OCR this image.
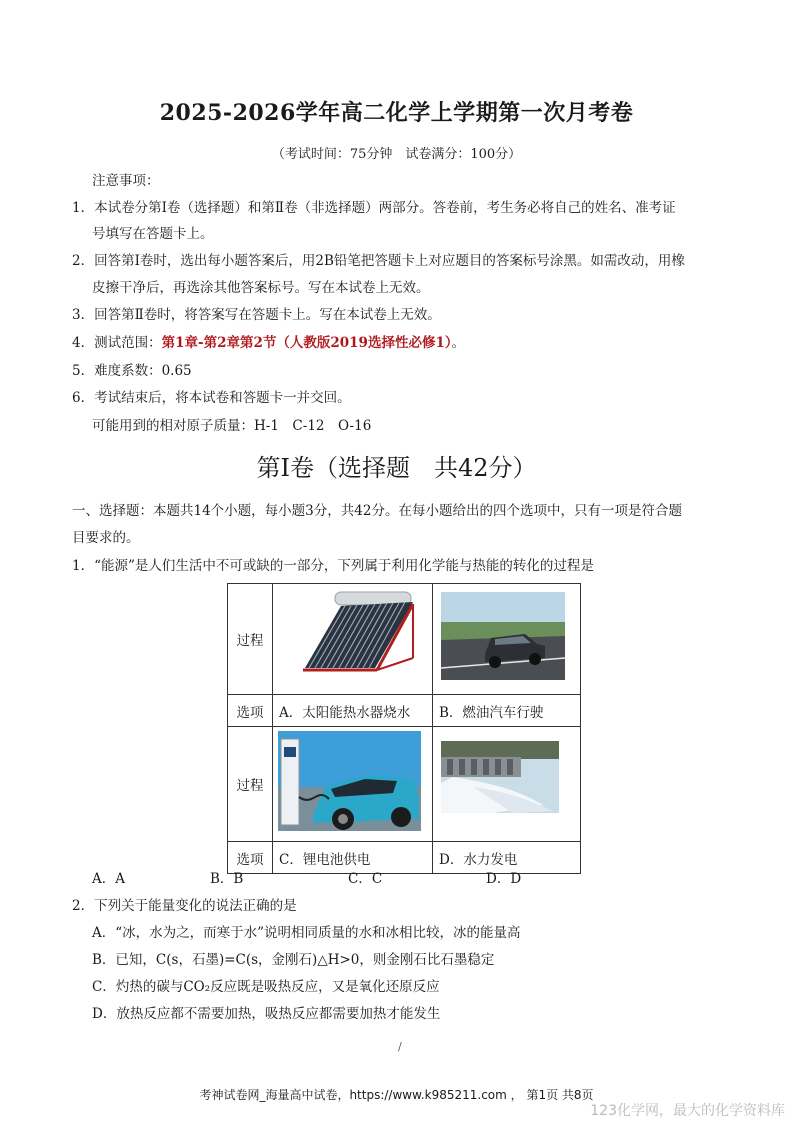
2025-2026学年高二化学上学期第一次月考卷
（考试时间：75分钟　试卷满分：100分）
注意事项：
1．本试卷分第Ⅰ卷（选择题）和第Ⅱ卷（非选择题）两部分。答卷前，考生务必将自己的姓名、准考证
号填写在答题卡上。
2．回答第Ⅰ卷时，选出每小题答案后，用2B铅笔把答题卡上对应题目的答案标号涂黑。如需改动，用橡
皮擦干净后，再选涂其他答案标号。写在本试卷上无效。
3．回答第Ⅱ卷时，将答案写在答题卡上。写在本试卷上无效。
4．测试范围：第1章-第2章第2节（人教版2019选择性必修1）。
5．难度系数：0.65
6．考试结束后，将本试卷和答题卡一并交回。
可能用到的相对原子质量：H-1　C-12　O-16
第Ⅰ卷（选择题　共42分）
一、选择题：本题共14个小题，每小题3分，共42分。在每小题给出的四个选项中，只有一项是符合题
目要求的。
1．“能源”是人们生活中不可或缺的一部分，下列属于利用化学能与热能的转化的过程是
过程		
选项	A．太阳能热水器烧水	B．燃油汽车行驶
过程		
选项	C．锂电池供电	D．水力发电
A．A	B．B	C．C	D．D
2．下列关于能量变化的说法正确的是
A．“冰，水为之，而寒于水”说明相同质量的水和冰相比较，冰的能量高
B．已知，C(s，石墨)=C(s，金刚石)△H>0，则金刚石比石墨稳定
C．灼热的碳与CO₂反应既是吸热反应，又是氧化还原反应
D．放热反应都不需要加热，吸热反应都需要加热才能发生
/
考神试卷网_海量高中试卷，https://www.k985211.com ， 第1页 共8页
123化学网，最大的化学资料库
